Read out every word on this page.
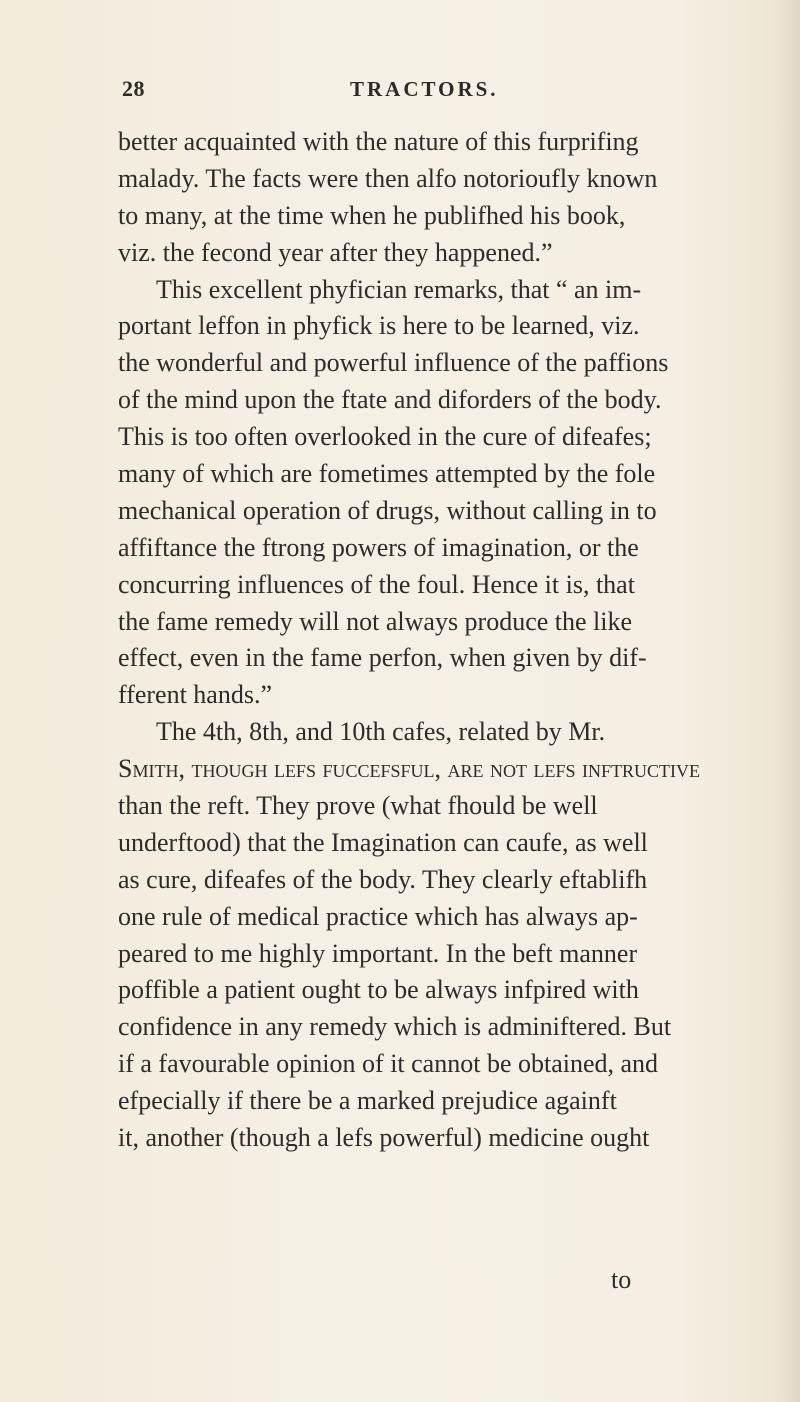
28	TRACTORS.
better acquainted with the nature of this furprifing
malady. The facts were then alfo notorioufly known
to many, at the time when he publifhed his book,
viz. the fecond year after they happened.”
This excellent phyfician remarks, that “ an im-
portant leffon in phyfick is here to be learned, viz.
the wonderful and powerful influence of the paffions
of the mind upon the ftate and diforders of the body.
This is too often overlooked in the cure of difeafes;
many of which are fometimes attempted by the fole
mechanical operation of drugs, without calling in to
affiftance the ftrong powers of imagination, or the
concurring influences of the foul. Hence it is, that
the fame remedy will not always produce the like
effect, even in the fame perfon, when given by dif-
fferent hands.”
The 4th, 8th, and 10th cafes, related by Mr.
Smith, though lefs fuccefsful, are not lefs inftructive
than the reft. They prove (what fhould be well
underftood) that the Imagination can caufe, as well
as cure, difeafes of the body. They clearly eftablifh
one rule of medical practice which has always ap-
peared to me highly important. In the beft manner
poffible a patient ought to be always infpired with
confidence in any remedy which is adminiftered. But
if a favourable opinion of it cannot be obtained, and
efpecially if there be a marked prejudice againft
it, another (though a lefs powerful) medicine ought
to
